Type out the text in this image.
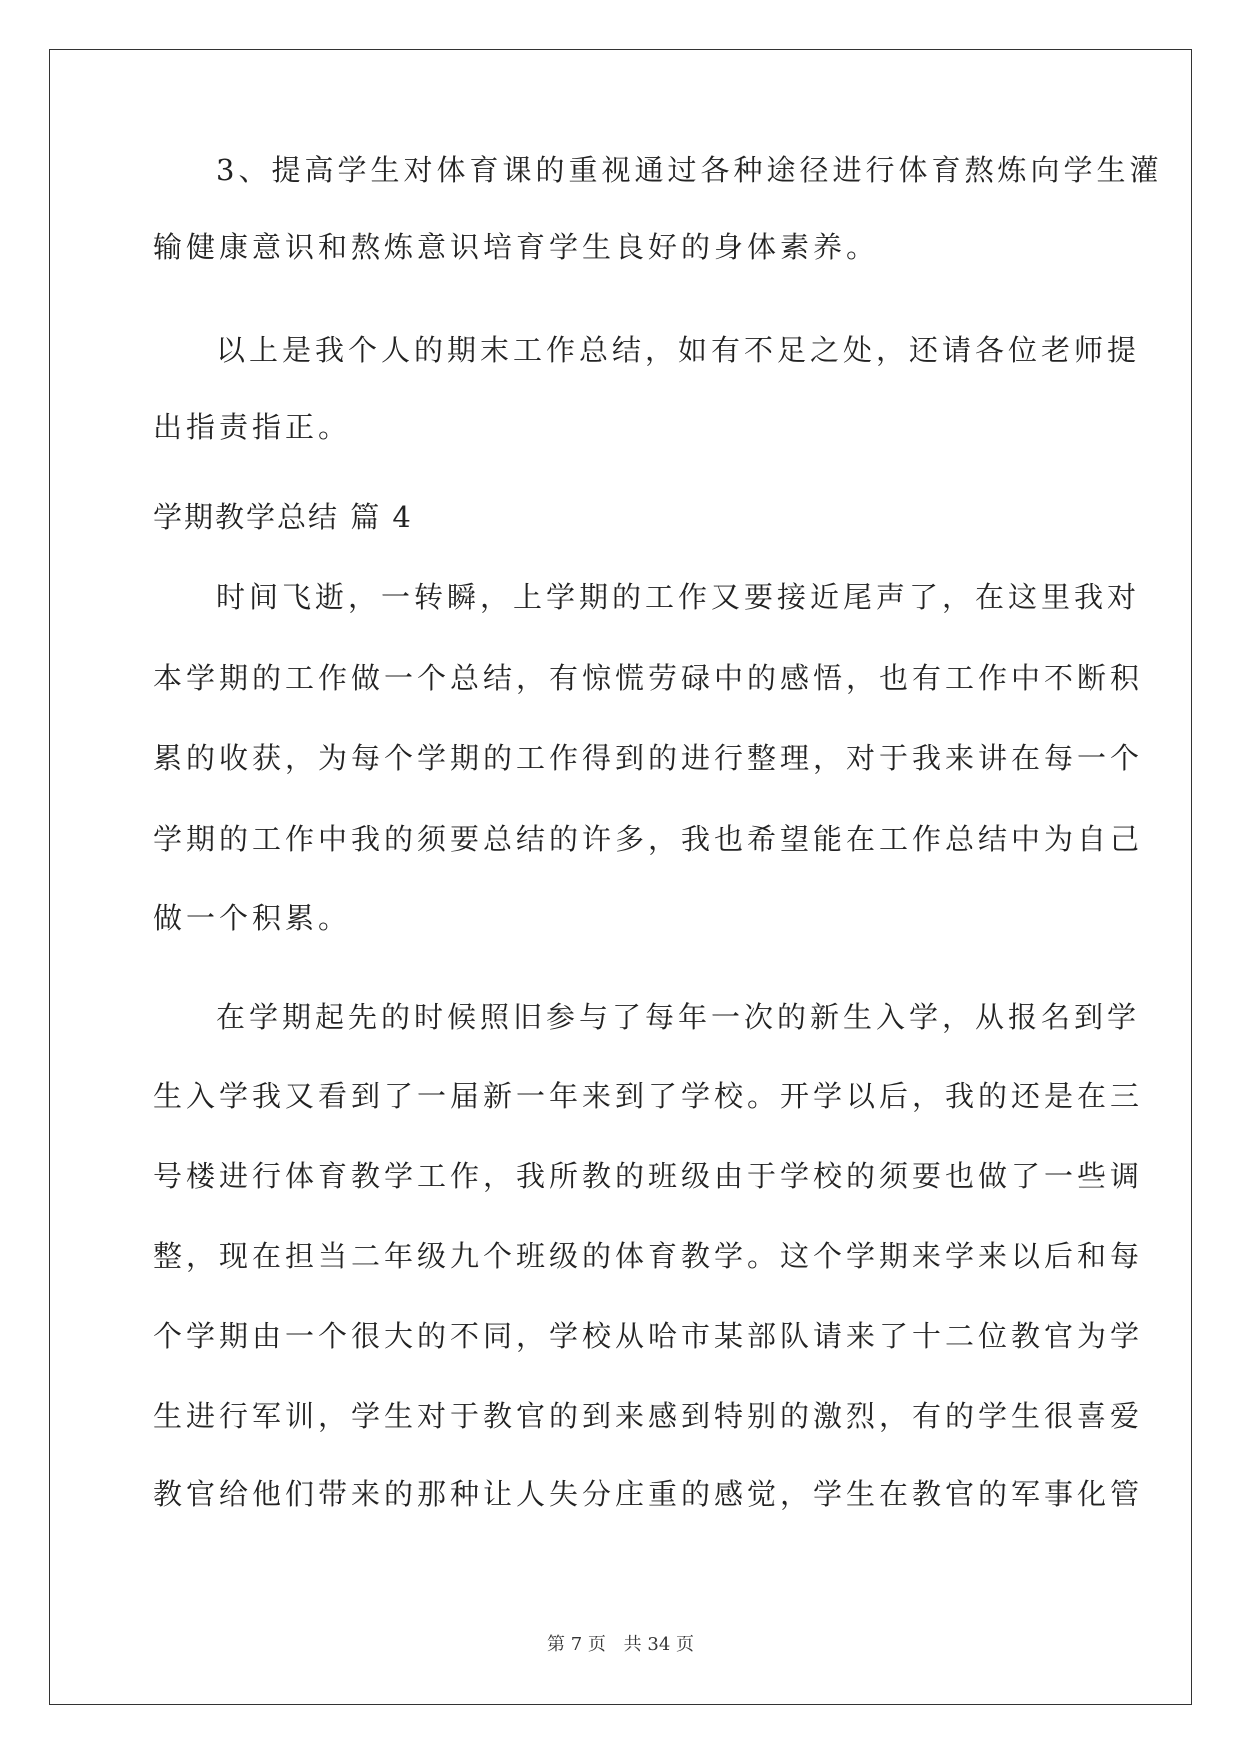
3、提高学生对体育课的重视通过各种途径进行体育熬炼向学生灌
输健康意识和熬炼意识培育学生良好的身体素养。
以上是我个人的期末工作总结，如有不足之处，还请各位老师提
出指责指正。
学期教学总结 篇 4
时间飞逝，一转瞬，上学期的工作又要接近尾声了，在这里我对
本学期的工作做一个总结，有惊慌劳碌中的感悟，也有工作中不断积
累的收获，为每个学期的工作得到的进行整理，对于我来讲在每一个
学期的工作中我的须要总结的许多，我也希望能在工作总结中为自己
做一个积累。
在学期起先的时候照旧参与了每年一次的新生入学，从报名到学
生入学我又看到了一届新一年来到了学校。开学以后，我的还是在三
号楼进行体育教学工作，我所教的班级由于学校的须要也做了一些调
整，现在担当二年级九个班级的体育教学。这个学期来学来以后和每
个学期由一个很大的不同，学校从哈市某部队请来了十二位教官为学
生进行军训，学生对于教官的到来感到特别的激烈，有的学生很喜爱
教官给他们带来的那种让人失分庄重的感觉，学生在教官的军事化管
第 7 页 共 34 页
